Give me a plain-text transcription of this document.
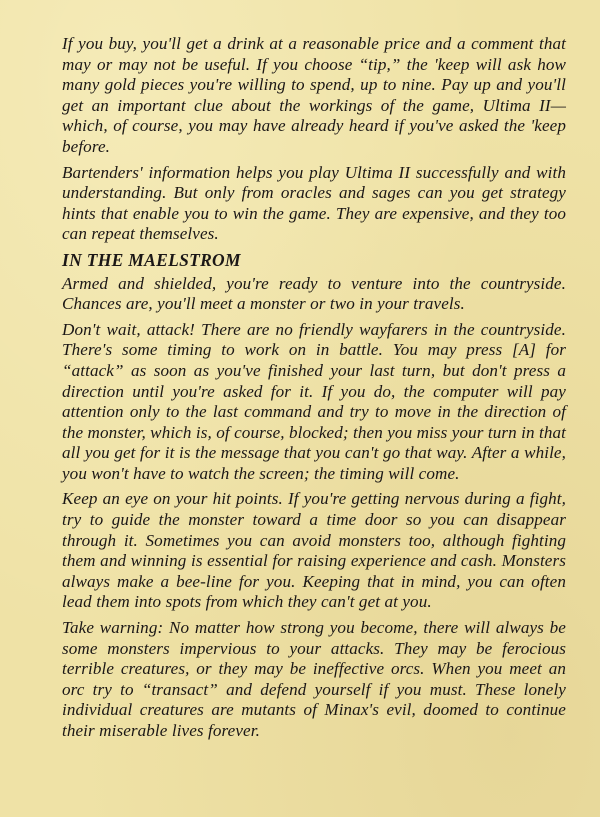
If you buy, you'll get a drink at a reasonable price and a comment that may or may not be useful. If you choose “tip,” the 'keep will ask how many gold pieces you're willing to spend, up to nine. Pay up and you'll get an important clue about the workings of the game, Ultima II—which, of course, you may have already heard if you've asked the 'keep before.

Bartenders' information helps you play Ultima II successfully and with understanding. But only from oracles and sages can you get strategy hints that enable you to win the game. They are expensive, and they too can repeat themselves.

IN THE MAELSTROM

Armed and shielded, you're ready to venture into the countryside. Chances are, you'll meet a monster or two in your travels.

Don't wait, attack! There are no friendly wayfarers in the countryside. There's some timing to work on in battle. You may press [A] for “attack” as soon as you've finished your last turn, but don't press a direction until you're asked for it. If you do, the computer will pay attention only to the last command and try to move in the direction of the monster, which is, of course, blocked; then you miss your turn in that all you get for it is the message that you can't go that way. After a while, you won't have to watch the screen; the timing will come.

Keep an eye on your hit points. If you're getting nervous during a fight, try to guide the monster toward a time door so you can disappear through it. Sometimes you can avoid monsters too, although fighting them and winning is essential for raising experience and cash. Monsters always make a bee-line for you. Keeping that in mind, you can often lead them into spots from which they can't get at you.

Take warning: No matter how strong you become, there will always be some monsters impervious to your attacks. They may be ferocious terrible creatures, or they may be ineffective orcs. When you meet an orc try to “transact” and defend yourself if you must. These lonely individual creatures are mutants of Minax's evil, doomed to continue their miserable lives forever.
